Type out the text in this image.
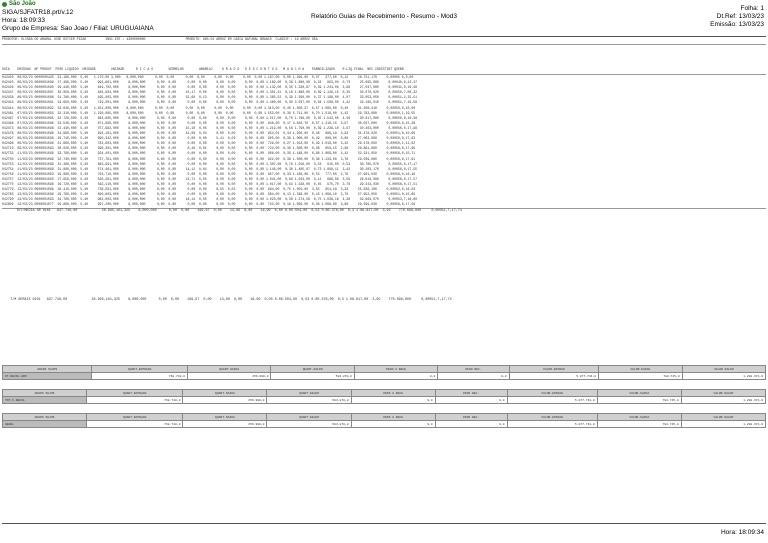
São João
SIGA/SJFATR18.prt/v.12
Hora: 18:09:33
Grupo de Empresa: Sao Joao / Filial: URUGUAIANA
Relatório Guias de Recebimento - Resumo - Mod3
Folha: 1
Dt.Ref: 13/03/23
Emissão: 13/03/23
PRODUTOR: OLINDA DO AMARAL JOSE DUTIER PIZAO          INSC.EST.: 4300000000                     PRODUTO: 900-01 ARROZ EM CASCA NATURAL BRANCO  CLASSIF.: 19 ARROZ SEA
GUIA    EMISSAO  NF PRODUT  PESO LIQUIDO  UMIDADE        UNIDADE      R I C A O        VERMELHO        AMARELO     G R A O S   D E S C O N T O S   M A N C H A    PARBOILIZADO    R.LIQ.FINAL  NEC.INDISTINT QUEBR
042420  06/03/23 0000000425  31.180,000  5,40   1.170,00 3,000   8,000,000      0,00  0,00      0,00  0,00     0,00  0,00     0,00  0,00 1.197,00  0,00 1.490,00  0,37   377,00  0,12     28.721,170     0,00005 0,0,00
042425  06/03/23 0000001089  27.480,000  5,40     994,661,000     8,000,000      0,00  0,00      0,00  0,00     0,00  0,00     0,00  0,00 1.169,00  0,38 1.680,00  0,34   963,00  0,73     25.695,080     0,00040,0,13,47
042426  06/03/23 0000001090  29.440,000  5,40     649,702,000     8,000,000      0,00  0,00      0,00  0,00     0,00  0,00     0,00  0,00 1.132,00  0,35 1.330,87  0,39 1.244,06  3,98     27.037,080     0,00031,0,19,48
042437  06/03/23 0000001087  30.050,000  5,40     464,904,000     8,000,000      0,00  0,00     15,17  0,00     0,00  0,00     0,00  0,00 1.301,01  0,18 1.880,00  0,39 1.149,15  0,35     30.070,020     0,00050,7,00,32
042438  06/03/23 0000001088  31.780,000  5,40     495,403,000     8,000,000      0,00  0,00     52,60  0,13     0,00  0,00     0,00  0,00 1.385,52  0,39 1.390,00  0,37 1.198,00  4,07     33.053,050     0,00051,2,32,51
042443  06/03/23 0000001091  34.650,000  5,40     749,301,000     8,000,000      0,00  0,00      0,00  0,00     0,00  0,00     0,00  0,00 1.460,00  0,30 3.037,00  0,58 1.508,00  4,42     32.185,010     0,00051,7,19,58
042444  06/03/23 0000001092  33.640,000  5,40   1.451,000,000    8,000,000      0,00  0,00      0,00  0,00     0,00  0,00     0,00  0,00 1.313,00  0,40 1.500,37  0,57 1.085,00  0,40     31.206,410     0,00050,0,10,00
042461  07/03/23 0000001093  32.310,000  5,40   1.220,085,000    8,000,000      0,00  0,00      0,00  0,00     0,00  0,00     0,00  0,00 1.553,00  0,38 5.711,00  0,70 1.518,00  4,43     29.783,080     0,00050,1,19,55
042467  07/03/23 0000001095  32.720,000  5,40     684,605,000     8,000,000      0,00  0,00      0,00  0,00     0,00  0,00     0,00  0,00 1.217,00  0,70 1.788,00  0,35 1.543,00  4,49     30.617,090     0,00050,6,16,38
042468  07/03/23 0000001096  33.540,000  5,40     671,990,000     8,000,000      0,00  0,00      0,00  0,00     0,00  0,00     0,00  0,00  946,00  0,17 4.610,78  0,57 1.218,15  3,97     30.037,000     0,00050,6,15,38
042473  08/03/23 0000001096  31.440,000  5,40     757,982,000     8,000,000      0,00  0,00     15,10  0,05     0,00  0,00     0,00  0,00 1.219,00  0,58 1.790,00  0,39 1.238,10  3,97     30.403,000     0,00050,0,17,98
042478  08/03/23 0000001096  31.960,000  5,40     494,101,000     8,000,000      0,00  0,00     42,08  0,04     0,00  0,00     0,00  0,00  954,01  0,34 1.930,00  0,48   986,19  3,93     31.478,020     0,00051,0,15,69
042497  08/03/23 0000001098  29.740,000  5,40     690,342,000     8,000,000      0,00  0,00      0,00  0,00     5,41  0,03     0,00  0,00  905,00  0,38 1.000,00  0,49   906,00  0,68     27.063,080     0,00050,0,17,63
042498  08/03/23 0000001096  31.660,000  5,40     782,903,000     8,000,000      0,00  0,00      0,00  0,00     0,00  0,00     0,00  0,00  729,00  0,27 1.012,00  0,39 1.019,00  3,42     29.478,050     0,00050,1,11,02
042723  09/03/23 0000001093  30.020,000  5,40     396,301,000     8,000,000      0,00  0,00      8,49  0,01     0,00  0,00     0,00  0,00  722,00  0,38 1.500,00  0,38   858,15  2,98     28.891,060     0,00056,0,17,69
042733  11/03/23 0000001089  33.790,000  5,40     934,401,000     8,000,000      0,00  0,00      0,00  0,00     0,00  0,00     0,00  0,00  906,00  0,39 1.448,00  0,68 1.069,00  4,42     32.221,050     0,00056,0,15,71
042750  11/03/23 0000001089  32.740,000  5,40     737,781,000     8,000,000      0,00  0,00      0,00  0,00     0,00  0,00     0,00  0,00  922,00  0,38 1.500,00  0,38 1.133,00  3,76     29.039,080     0,00050,0,17,61
042753  11/03/23 0000001089  31.480,000  5,40     663,991,000     8,000,000      0,00  0,00      0,00  0,00     0,00  0,00     0,00  0,00 1.307,00  0,78 1.016,00  3,53   915,00  0,53     30.765,070     0,00055,0,17,17
042754  11/03/23 0000001089  31.880,000  5,40     574,481,000     8,000,000      0,00  0,00     14,12  0,04     0,00  0,00     0,00  0,00 1.148,00  0,36 1.405,07  0,73 1.098,11  3,42     30.203,170     0,00056,0,17,55
042756  11/03/23 0000001093  29.080,000  5,40     763,710,000     8,000,000      0,00  0,00      0,00  0,00     0,00  0,00     0,00  0,00  957,00  0,33 1.180,08  0,53   777,00  2,76     27.901,030     0,00056,0,16,49
042757  12/03/23 0000001093  27.950,000  5,40     530,261,000     8,000,000      0,00  0,00     13,71  0,05     0,00  0,00     0,00  0,00 1.041,00  0,69 1.033,00  3,12   986,09  3,59     26.819,080     0,00056,0,17,57
042770  13/03/23 0000001096  29.720,000  5,40     563,110,000     8,000,000      0,00  0,00      0,00  0,00     0,00  0,00     0,00  0,00 1.017,00  0,63 1.328,00  0,45   975,70  3,76     29.243,030     0,00056,0,17,51
042779  13/03/23 0000001089  28.410,000  5,40     738,501,000     8,000,000      0,00  0,00      0,00  0,00     8,55  0,03     0,00  0,00  994,00  0,75 1.001,00  3,55   954,18  3,33     25.636,100     0,00052,0,16,03
042785  13/03/23 0000001096  29.780,000  5,40     890,803,000     8,000,000      0,00  0,00      0,00  0,00     0,00  0,00     0,00  0,00  964,00  0,13 1.338,00  0,43 1.096,10  3,70     27.952,050     0,00051,0,15,69
042790  13/03/23 0000001093  34.780,000  5,40     982,003,000     8,000,000      0,00  0,00     18,14  0,05     0,00  0,00     0,00  0,00 1.023,00  0,36 1.374,59  0,75 1.039,18  4,38     32.964,070     0,00053,7,18,60
042809  13/03/23 0000001077  29.860,000  5,40     997,200,000     8,000,000      0,00  0,00      0,00  0,00     0,00  0,00     0,00  0,00  743,00  0,19 1.050,00  0,38 1.068,00  3,88     29.599,030     0,00056,0,17,58
TOT/MEDIA GR 0101   837.740,00            28.995,101,325    8,000,000      0,00  0,00    169,67  0,00    13,96  0,00    16,90  0,00 8.00.504,00  0,53 0.80.378,00  0,3 1.08.817,00  3,95    770.099,000     0,00051,7,17,74
T/M GERAIS 0101   837.740,00            28.995,101,325    8,000,000      0,00  0,00    169,67  0,00    13,90  0,00    16,90  0,00 8.00.504,00  0,53 0.80.378,00  0,3 1.08.817,00  3,95    770.099,000     0,00051,7,17,74
GRAOS SUJOS	QUANT.ENTRADA	QUANT.SAIDA	QUANT.SALDO	PESO A RECE	PESO REC.	VALOR-ENTRAD	VALOR-SAIDA	VALOR-SALDO
FT.RECOL.GRS	768.740,0	256.990,0	583.870,0	0,0	0,0	5.077.734,0	788.745,0	1.298.371,0
GRAOS SUJOS	QUANT.ENTRADA	QUANT.SAIDA	QUANT.SALDO	PESO A RECE	PESO REC.	VALOR-ENTRAD	VALOR-SAIDA	VALOR-SALDO
TOT.F.RECOL	768.740,0	256.990,0	583.870,0	0,0	0,0	5.077.734,0	788.745,0	1.298.371,0
GRAOS SUJOS	QUANT.ENTRADA	QUANT.SAIDA	QUANT.SALDO	PESO A RECE	PESO REC.	VALOR-ENTRAD	VALOR-SAIDA	VALOR-SALDO
GERAL	768.740,0	256.990,0	583.870,0	0,0	0,0	5.077.734,0	788.745,0	1.298.371,0
Hora: 18:09:34
